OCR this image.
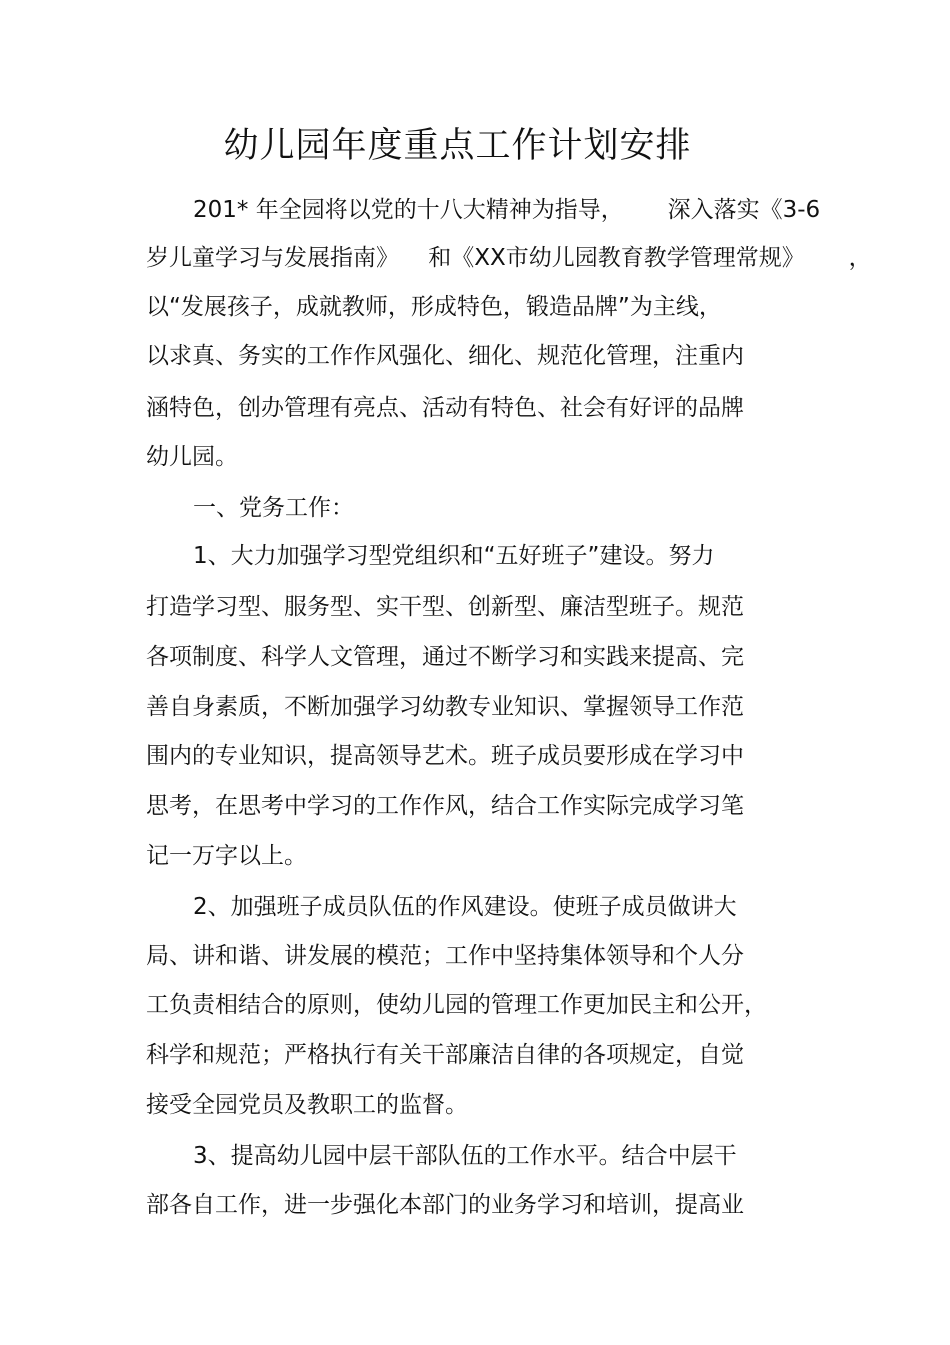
幼儿园年度重点工作计划安排

201* 年全园将以党的十八大精神为指导，      深入落实《3-6

岁儿童学习与发展指南》    和《XX市幼儿园教育教学管理常规》      ，

以“发展孩子，成就教师，形成特色，锻造品牌”为主线，

以求真、务实的工作作风强化、细化、规范化管理，注重内

涵特色，创办管理有亮点、活动有特色、社会有好评的品牌

幼儿园。

一、党务工作：

1、大力加强学习型党组织和“五好班子”建设。努力

打造学习型、服务型、实干型、创新型、廉洁型班子。规范

各项制度、科学人文管理，通过不断学习和实践来提高、完

善自身素质，不断加强学习幼教专业知识、掌握领导工作范

围内的专业知识，提高领导艺术。班子成员要形成在学习中

思考，在思考中学习的工作作风，结合工作实际完成学习笔

记一万字以上。

2、加强班子成员队伍的作风建设。使班子成员做讲大

局、讲和谐、讲发展的模范；工作中坚持集体领导和个人分

工负责相结合的原则，使幼儿园的管理工作更加民主和公开，

科学和规范；严格执行有关干部廉洁自律的各项规定，自觉

接受全园党员及教职工的监督。

3、提高幼儿园中层干部队伍的工作水平。结合中层干

部各自工作，进一步强化本部门的业务学习和培训，提高业
